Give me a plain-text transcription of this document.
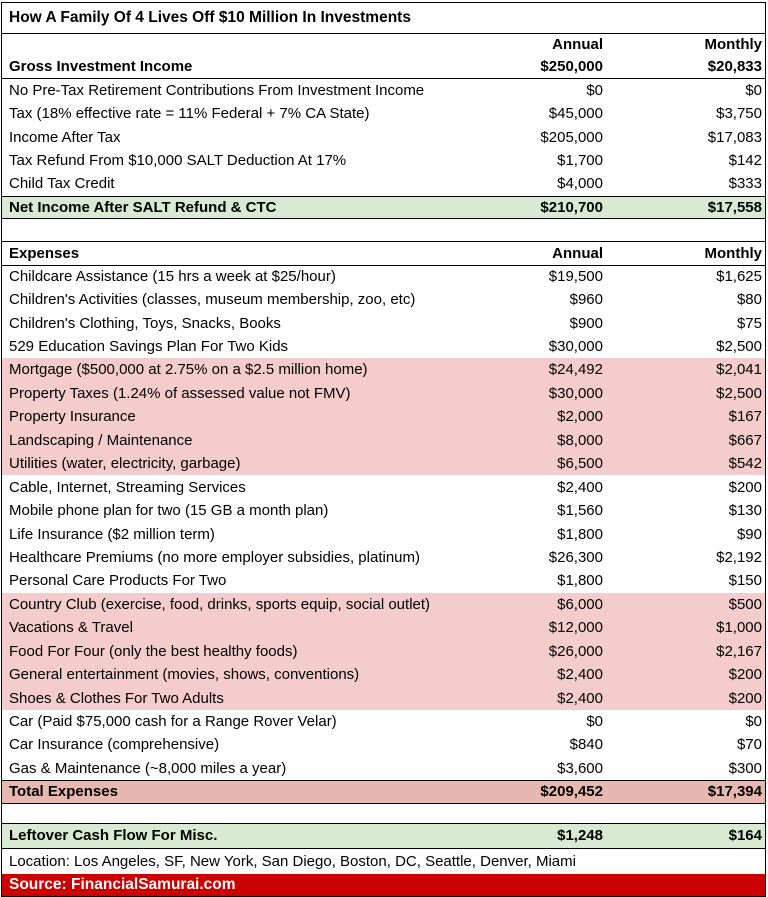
How A Family Of 4 Lives Off $10 Million In Investments
Annual	Monthly
Gross Investment Income	$250,000	$20,833
No Pre-Tax Retirement Contributions From Investment Income	$0	$0
Tax (18% effective rate = 11% Federal + 7% CA State)	$45,000	$3,750
Income After Tax	$205,000	$17,083
Tax Refund From $10,000 SALT Deduction At 17%	$1,700	$142
Child Tax Credit	$4,000	$333
Net Income After SALT Refund & CTC	$210,700	$17,558
Expenses	Annual	Monthly
Childcare Assistance (15 hrs a week at $25/hour)	$19,500	$1,625
Children's Activities (classes, museum membership, zoo, etc)	$960	$80
Children's Clothing, Toys, Snacks, Books	$900	$75
529 Education Savings Plan For Two Kids	$30,000	$2,500
Mortgage ($500,000 at 2.75% on a $2.5 million home)	$24,492	$2,041
Property Taxes (1.24% of assessed value not FMV)	$30,000	$2,500
Property Insurance	$2,000	$167
Landscaping / Maintenance	$8,000	$667
Utilities (water, electricity, garbage)	$6,500	$542
Cable, Internet, Streaming Services	$2,400	$200
Mobile phone plan for two (15 GB a month plan)	$1,560	$130
Life Insurance ($2 million term)	$1,800	$90
Healthcare Premiums (no more employer subsidies, platinum)	$26,300	$2,192
Personal Care Products For Two	$1,800	$150
Country Club (exercise, food, drinks, sports equip, social outlet)	$6,000	$500
Vacations & Travel	$12,000	$1,000
Food For Four (only the best healthy foods)	$26,000	$2,167
General entertainment (movies, shows, conventions)	$2,400	$200
Shoes & Clothes For Two Adults	$2,400	$200
Car (Paid $75,000 cash for a Range Rover Velar)	$0	$0
Car Insurance (comprehensive)	$840	$70
Gas & Maintenance (~8,000 miles a year)	$3,600	$300
Total Expenses	$209,452	$17,394
Leftover Cash Flow For Misc.	$1,248	$164
Location: Los Angeles, SF, New York, San Diego, Boston, DC, Seattle, Denver, Miami
Source: FinancialSamurai.com
